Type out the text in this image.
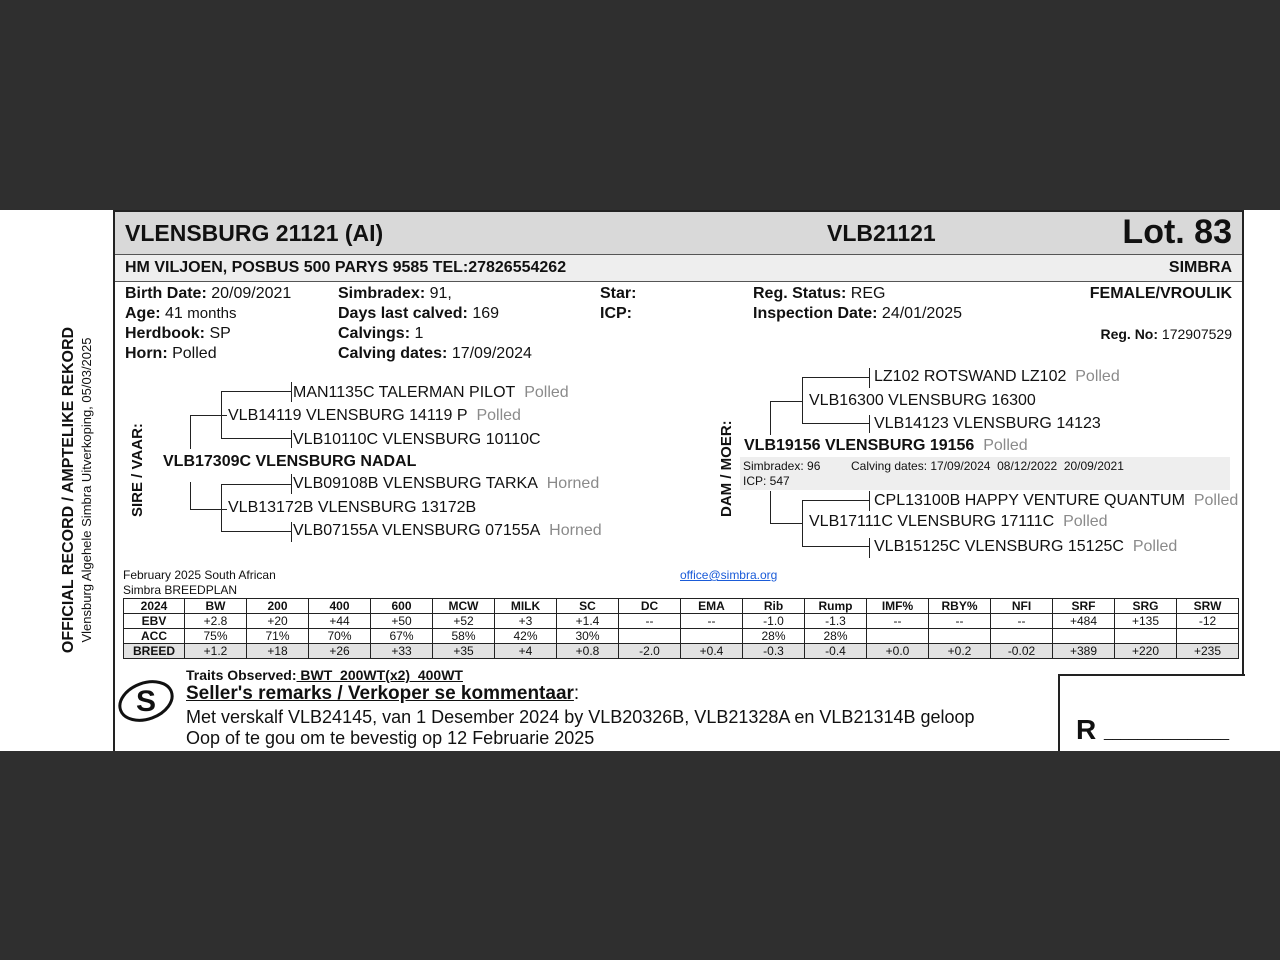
OFFICIAL RECORD / AMPTELIKE REKORD Vlensburg Algehele Simbra Uitverkoping, 05/03/2025
VLENSBURG 21121 (AI)	VLB21121	Lot. 83
HM VILJOEN, POSBUS 500 PARYS 9585 TEL:27826554262	SIMBRA
Birth Date: 20/09/2021
Age: 41 months
Herdbook: SP
Horn: Polled
Simbradex: 91,
Days last calved: 169
Calvings: 1
Calving dates: 17/09/2024
Star:
ICP:
Reg. Status: REG
Inspection Date: 24/01/2025
FEMALE/VROULIK
Reg. No: 172907529
SIRE / VAAR: VLB17309C VLENSBURG NADAL
VLB14119 VLENSBURG 14119 P Polled
MAN1135C TALERMAN PILOT Polled
VLB10110C VLENSBURG 10110C
VLB13172B VLENSBURG 13172B
VLB09108B VLENSBURG TARKA Horned
VLB07155A VLENSBURG 07155A Horned
DAM / MOER: VLB19156 VLENSBURG 19156 Polled
Simbradex: 96	Calving dates: 17/09/2024  08/12/2022  20/09/2021
ICP: 547
VLB16300 VLENSBURG 16300
LZ102 ROTSWAND LZ102 Polled
VLB14123 VLENSBURG 14123
VLB17111C VLENSBURG 17111C Polled
CPL13100B HAPPY VENTURE QUANTUM Polled
VLB15125C VLENSBURG 15125C Polled
February 2025 South African
Simbra BREEDPLAN
office@simbra.org
2024	BW	200	400	600	MCW	MILK	SC	DC	EMA	Rib	Rump	IMF%	RBY%	NFI	SRF	SRG	SRW
EBV	+2.8	+20	+44	+50	+52	+3	+1.4	--	--	-1.0	-1.3	--	--	--	+484	+135	-12
ACC	75%	71%	70%	67%	58%	42%	30%			28%	28%						
BREED	+1.2	+18	+26	+33	+35	+4	+0.8	-2.0	+0.4	-0.3	-0.4	+0.0	+0.2	-0.02	+389	+220	+235
R _______________
S
Traits Observed: BWT  200WT(x2)  400WT
Seller's remarks / Verkoper se kommentaar:
Met verskalf VLB24145, van 1 Desember 2024 by VLB20326B, VLB21328A en VLB21314B geloop
Oop of te gou om te bevestig op 12 Februarie 2025
